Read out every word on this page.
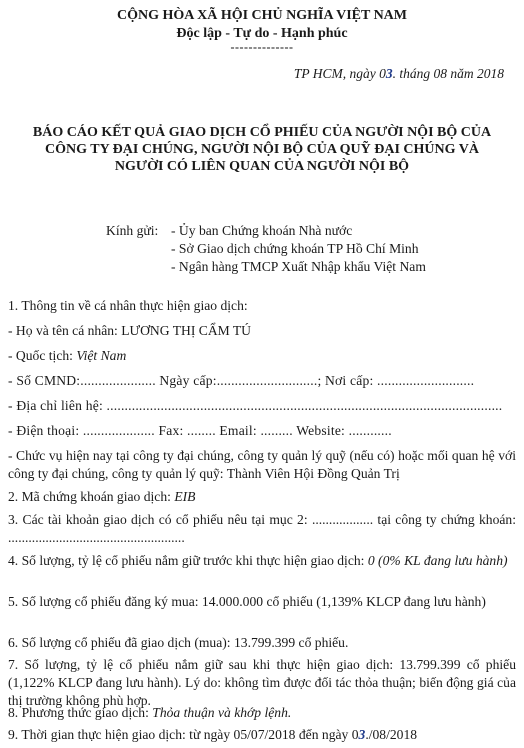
CỘNG HÒA XÃ HỘI CHỦ NGHĨA VIỆT NAM
Độc lập - Tự do - Hạnh phúc
--------------
TP HCM, ngày 03. tháng 08 năm 2018
BÁO CÁO KẾT QUẢ GIAO DỊCH CỔ PHIẾU CỦA NGƯỜI NỘI BỘ CỦA
CÔNG TY ĐẠI CHÚNG, NGƯỜI NỘI BỘ CỦA QUỸ ĐẠI CHÚNG VÀ
NGƯỜI CÓ LIÊN QUAN CỦA NGƯỜI NỘI BỘ
Kính gửi: - Ủy ban Chứng khoán Nhà nước
- Sở Giao dịch chứng khoán TP Hồ Chí Minh
- Ngân hàng TMCP Xuất Nhập khẩu Việt Nam
1. Thông tin về cá nhân thực hiện giao dịch:
- Họ và tên cá nhân: LƯƠNG THỊ CẨM TÚ
- Quốc tịch: Việt Nam
- Số CMND:..................... Ngày cấp:............................; Nơi cấp: ...........................
- Địa chỉ liên hệ: ..............................................................................................................
- Điện thoại: .................... Fax: ........ Email: ......... Website: ............
- Chức vụ hiện nay tại công ty đại chúng, công ty quản lý quỹ (nếu có) hoặc mối quan hệ với công ty đại chúng, công ty quản lý quỹ: Thành Viên Hội Đồng Quản Trị
2. Mã chứng khoán giao dịch: EIB
3. Các tài khoản giao dịch có cổ phiếu nêu tại mục 2: .................. tại công ty chứng khoán: ....................................................
4. Số lượng, tỷ lệ cổ phiếu nắm giữ trước khi thực hiện giao dịch: 0 (0% KL đang lưu hành)
5. Số lượng cổ phiếu đăng ký mua: 14.000.000 cổ phiếu (1,139% KLCP đang lưu hành)
6. Số lượng cổ phiếu đã giao dịch (mua): 13.799.399 cổ phiếu.
7. Số lượng, tỷ lệ cổ phiếu nắm giữ sau khi thực hiện giao dịch: 13.799.399 cổ phiếu (1,122% KLCP đang lưu hành). Lý do: không tìm được đối tác thỏa thuận; biến động giá của thị trường không phù hợp.
8. Phương thức giao dịch: Thỏa thuận và khớp lệnh.
9. Thời gian thực hiện giao dịch: từ ngày 05/07/2018 đến ngày 03./08/2018
